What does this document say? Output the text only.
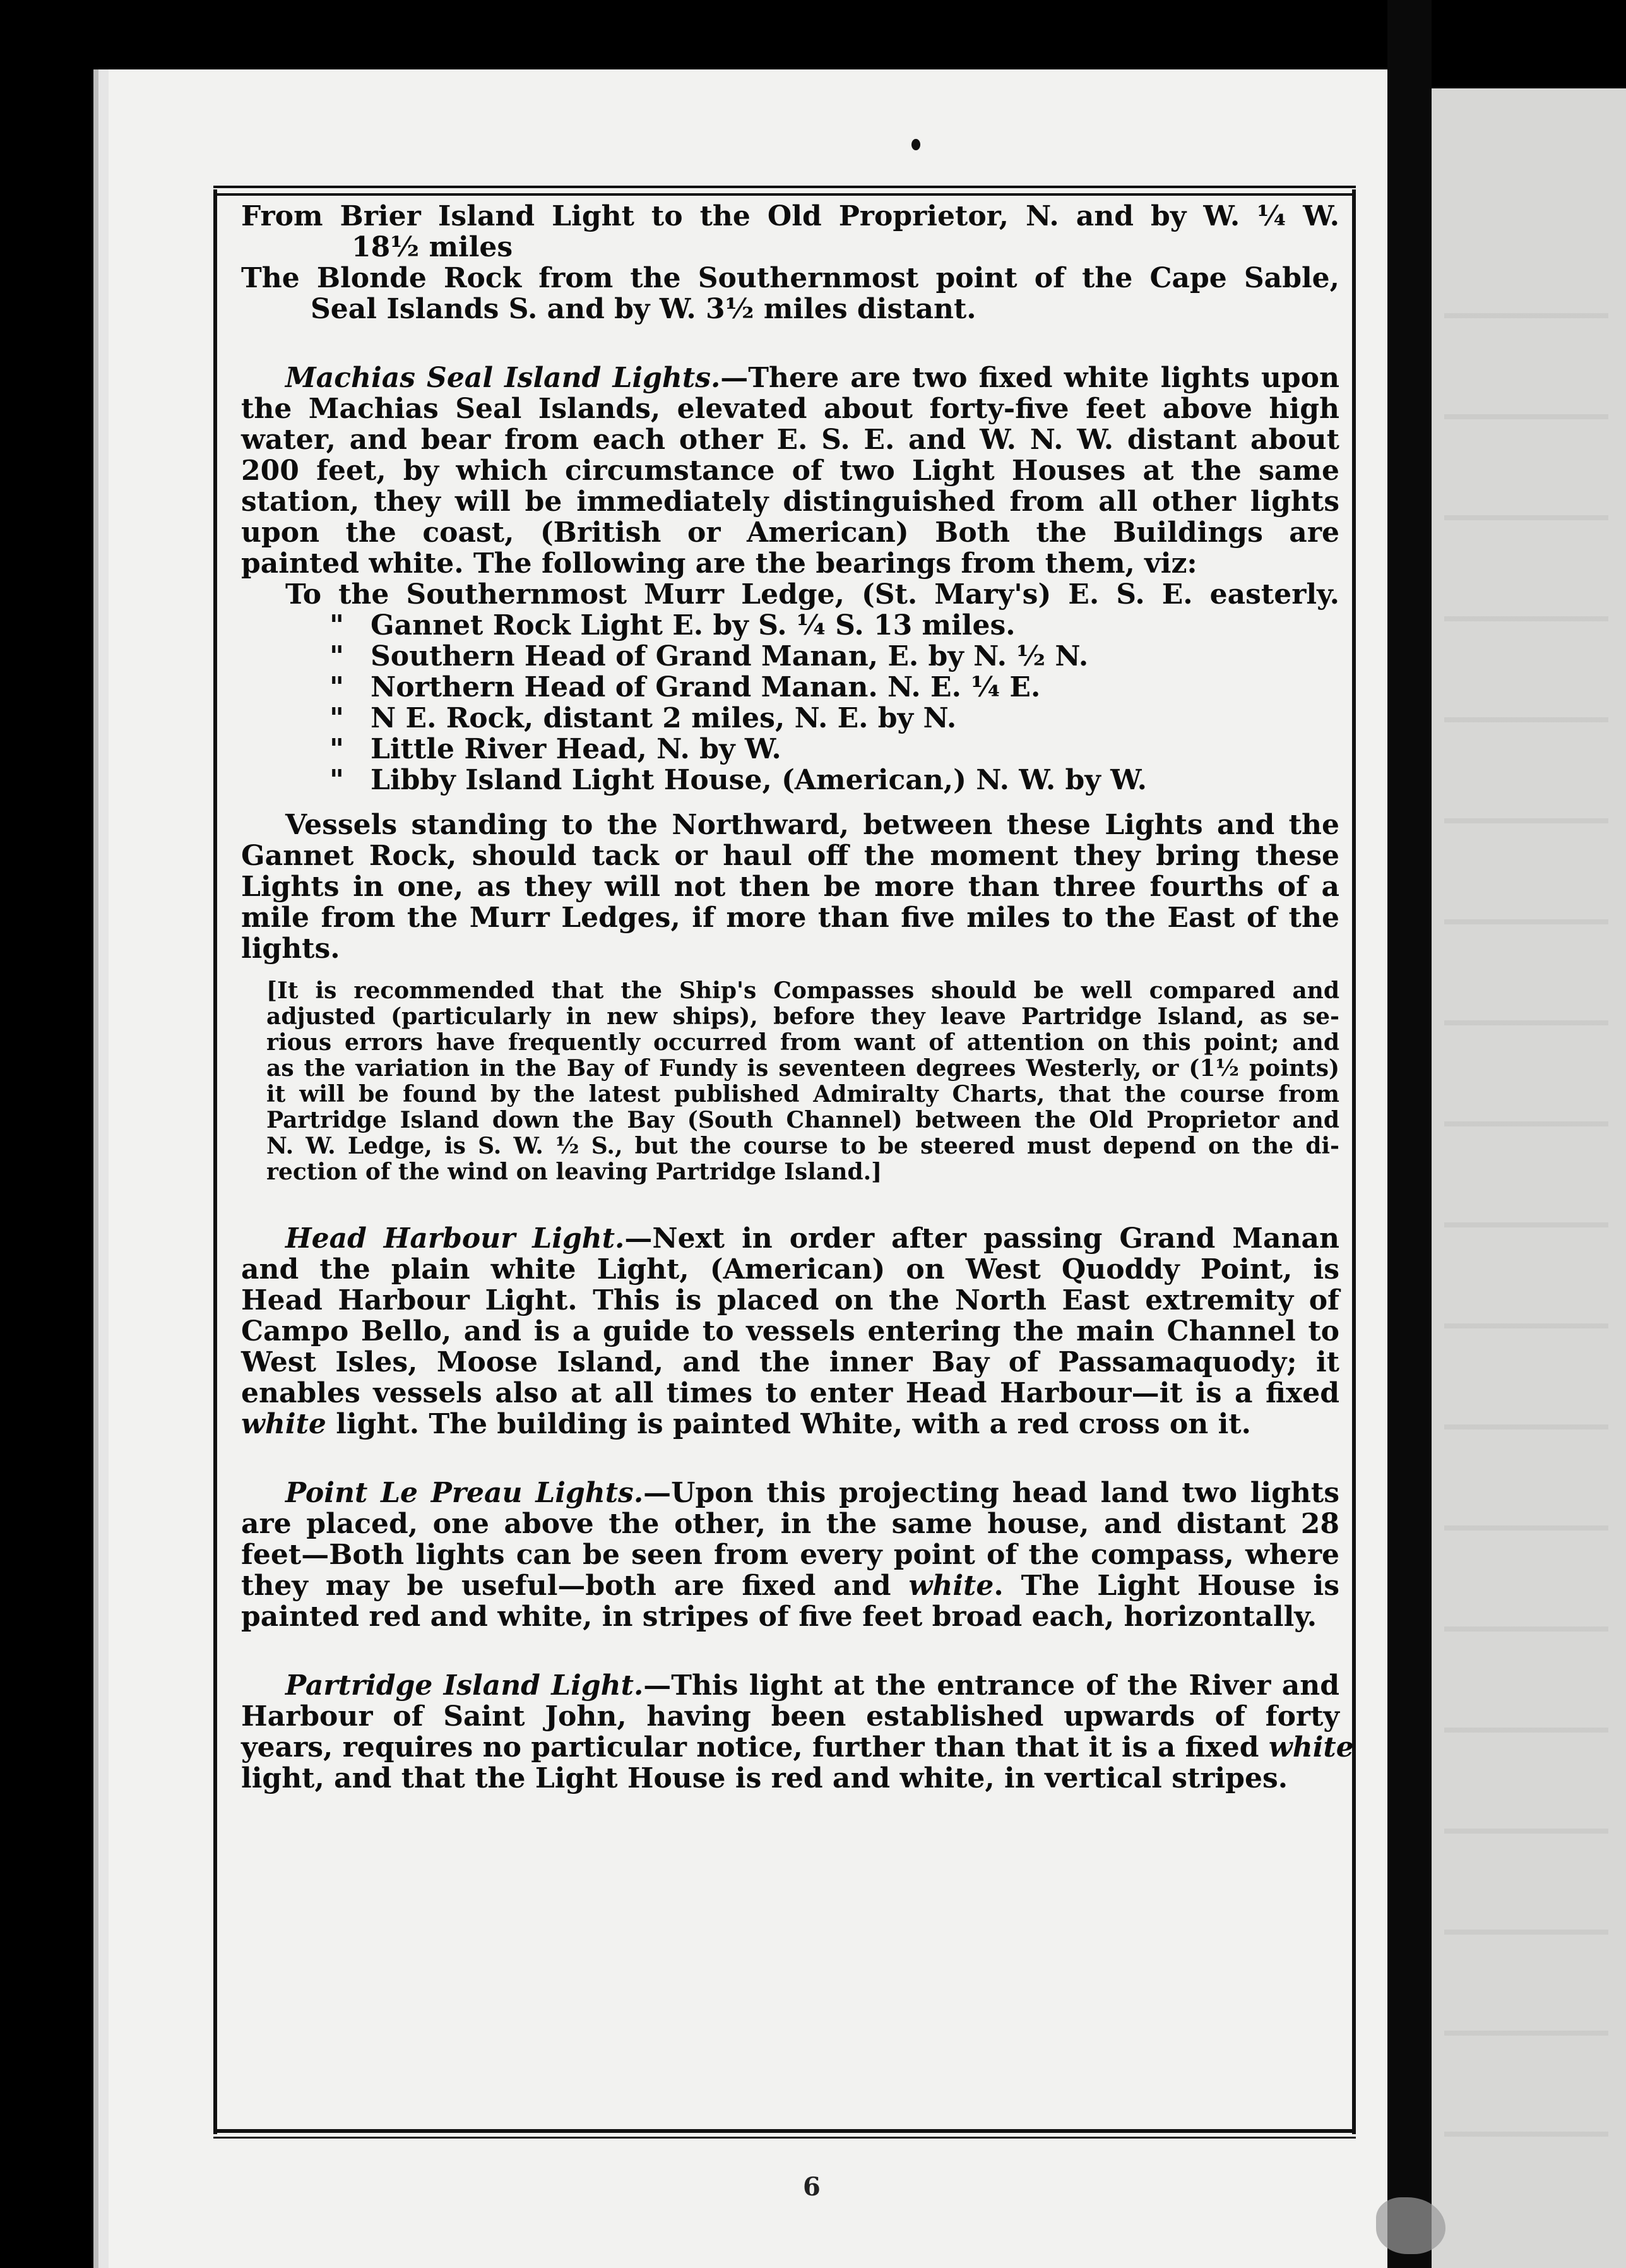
From Brier Island Light to the Old Proprietor, N. and by W. ¼ W.
18½ miles
The Blonde Rock from the Southernmost point of the Cape Sable,
Seal Islands S. and by W. 3½ miles distant.
Machias Seal Island Lights.—There are two fixed white lights upon
the Machias Seal Islands, elevated about forty-five feet above high
water, and bear from each other E. S. E. and W. N. W. distant about
200 feet, by which circumstance of two Light Houses at the same
station, they will be immediately distinguished from all other lights
upon the coast, (British or American) Both the Buildings are
painted white. The following are the bearings from them, viz:
To the Southernmost Murr Ledge, (St. Mary's) E. S. E. easterly.
" Gannet Rock Light E. by S. ¼ S. 13 miles.
" Southern Head of Grand Manan, E. by N. ½ N.
" Northern Head of Grand Manan. N. E. ¼ E.
" N E. Rock, distant 2 miles, N. E. by N.
" Little River Head, N. by W.
" Libby Island Light House, (American,) N. W. by W.
Vessels standing to the Northward, between these Lights and the
Gannet Rock, should tack or haul off the moment they bring these
Lights in one, as they will not then be more than three fourths of a
mile from the Murr Ledges, if more than five miles to the East of the
lights.
[It is recommended that the Ship's Compasses should be well compared and
adjusted (particularly in new ships), before they leave Partridge Island, as se-
rious errors have frequently occurred from want of attention on this point; and
as the variation in the Bay of Fundy is seventeen degrees Westerly, or (1½ points)
it will be found by the latest published Admiralty Charts, that the course from
Partridge Island down the Bay (South Channel) between the Old Proprietor and
N. W. Ledge, is S. W. ½ S., but the course to be steered must depend on the di-
rection of the wind on leaving Partridge Island.]
Head Harbour Light.—Next in order after passing Grand Manan
and the plain white Light, (American) on West Quoddy Point, is
Head Harbour Light. This is placed on the North East extremity of
Campo Bello, and is a guide to vessels entering the main Channel to
West Isles, Moose Island, and the inner Bay of Passamaquody; it
enables vessels also at all times to enter Head Harbour—it is a fixed
white light. The building is painted White, with a red cross on it.
Point Le Preau Lights.—Upon this projecting head land two lights
are placed, one above the other, in the same house, and distant 28
feet—Both lights can be seen from every point of the compass, where
they may be useful—both are fixed and white. The Light House is
painted red and white, in stripes of five feet broad each, horizontally.
Partridge Island Light.—This light at the entrance of the River and
Harbour of Saint John, having been established upwards of forty
years, requires no particular notice, further than that it is a fixed white
light, and that the Light House is red and white, in vertical stripes.
6
